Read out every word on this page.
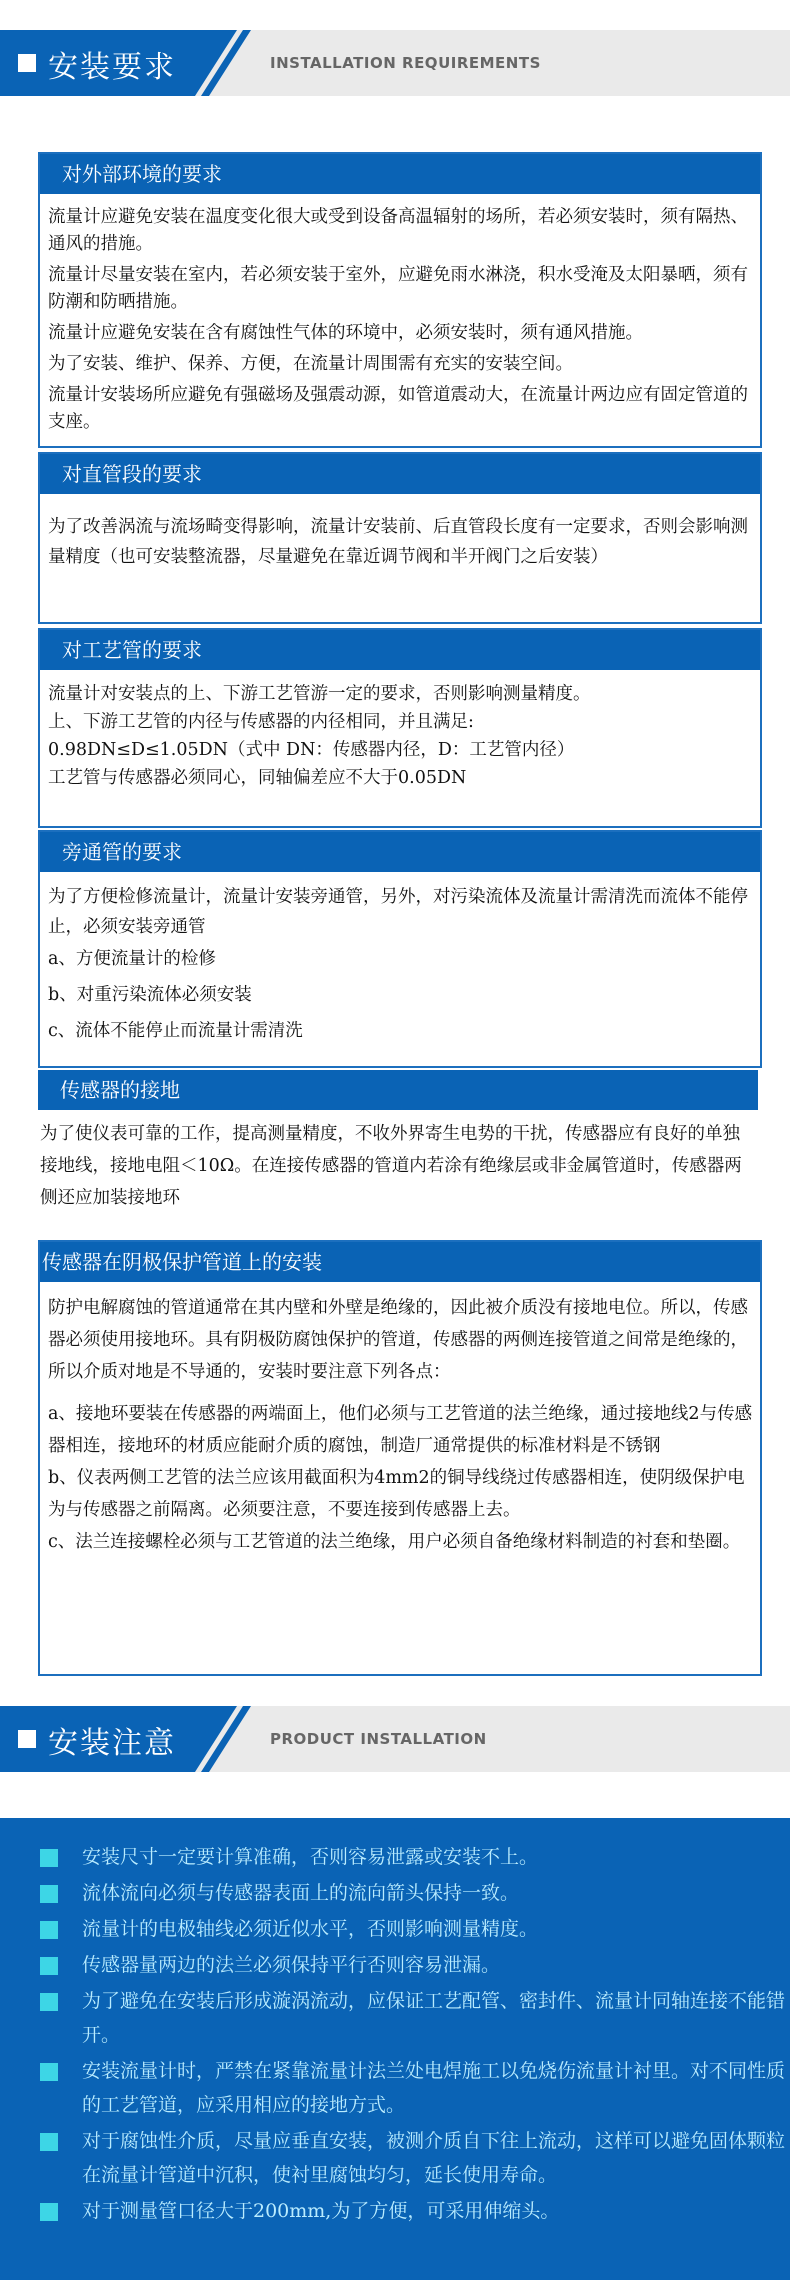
安装要求	INSTALLATION REQUIREMENTS
对外部环境的要求

流量计应避免安装在温度变化很大或受到设备高温辐射的场所，若必须安装时，须有隔热、通风的措施。

流量计尽量安装在室内，若必须安装于室外，应避免雨水淋浇，积水受淹及太阳暴晒，须有防潮和防晒措施。

流量计应避免安装在含有腐蚀性气体的环境中，必须安装时，须有通风措施。

为了安装、维护、保养、方便，在流量计周围需有充实的安装空间。

流量计安装场所应避免有强磁场及强震动源，如管道震动大，在流量计两边应有固定管道的支座。

对直管段的要求

为了改善涡流与流场畸变得影响，流量计安装前、后直管段长度有一定要求，否则会影响测量精度（也可安装整流器，尽量避免在靠近调节阀和半开阀门之后安装）

对工艺管的要求

流量计对安装点的上、下游工艺管游一定的要求，否则影响测量精度。

上、下游工艺管的内径与传感器的内径相同，并且满足:

0.98DN≤D≤1.05DN（式中 DN：传感器内径，D：工艺管内径）

工艺管与传感器必须同心，同轴偏差应不大于0.05DN

旁通管的要求

为了方便检修流量计，流量计安装旁通管，另外，对污染流体及流量计需清洗而流体不能停止，必须安装旁通管

a、方便流量计的检修

b、对重污染流体必须安装

c、流体不能停止而流量计需清洗

传感器的接地

为了使仪表可靠的工作，提高测量精度，不收外界寄生电势的干扰，传感器应有良好的单独接地线，接地电阻＜10Ω。在连接传感器的管道内若涂有绝缘层或非金属管道时，传感器两侧还应加装接地环

传感器在阴极保护管道上的安装

防护电解腐蚀的管道通常在其内壁和外壁是绝缘的，因此被介质没有接地电位。所以，传感器必须使用接地环。具有阴极防腐蚀保护的管道，传感器的两侧连接管道之间常是绝缘的，所以介质对地是不导通的，安装时要注意下列各点：

a、接地环要装在传感器的两端面上，他们必须与工艺管道的法兰绝缘，通过接地线2与传感器相连，接地环的材质应能耐介质的腐蚀，制造厂通常提供的标准材料是不锈钢

b、仪表两侧工艺管的法兰应该用截面积为4mm2的铜导线绕过传感器相连，使阴级保护电为与传感器之前隔离。必须要注意，不要连接到传感器上去。

c、法兰连接螺栓必须与工艺管道的法兰绝缘，用户必须自备绝缘材料制造的衬套和垫圈。

安装注意	PRODUCT INSTALLATION
安装尺寸一定要计算准确，否则容易泄露或安装不上。
流体流向必须与传感器表面上的流向箭头保持一致。
流量计的电极轴线必须近似水平，否则影响测量精度。
传感器量两边的法兰必须保持平行否则容易泄漏。
为了避免在安装后形成漩涡流动，应保证工艺配管、密封件、流量计同轴连接不能错开。
安装流量计时，严禁在紧靠流量计法兰处电焊施工以免烧伤流量计衬里。对不同性质的工艺管道，应采用相应的接地方式。
对于腐蚀性介质，尽量应垂直安装，被测介质自下往上流动，这样可以避免固体颗粒在流量计管道中沉积，使衬里腐蚀均匀，延长使用寿命。
对于测量管口径大于200mm,为了方便，可采用伸缩头。
